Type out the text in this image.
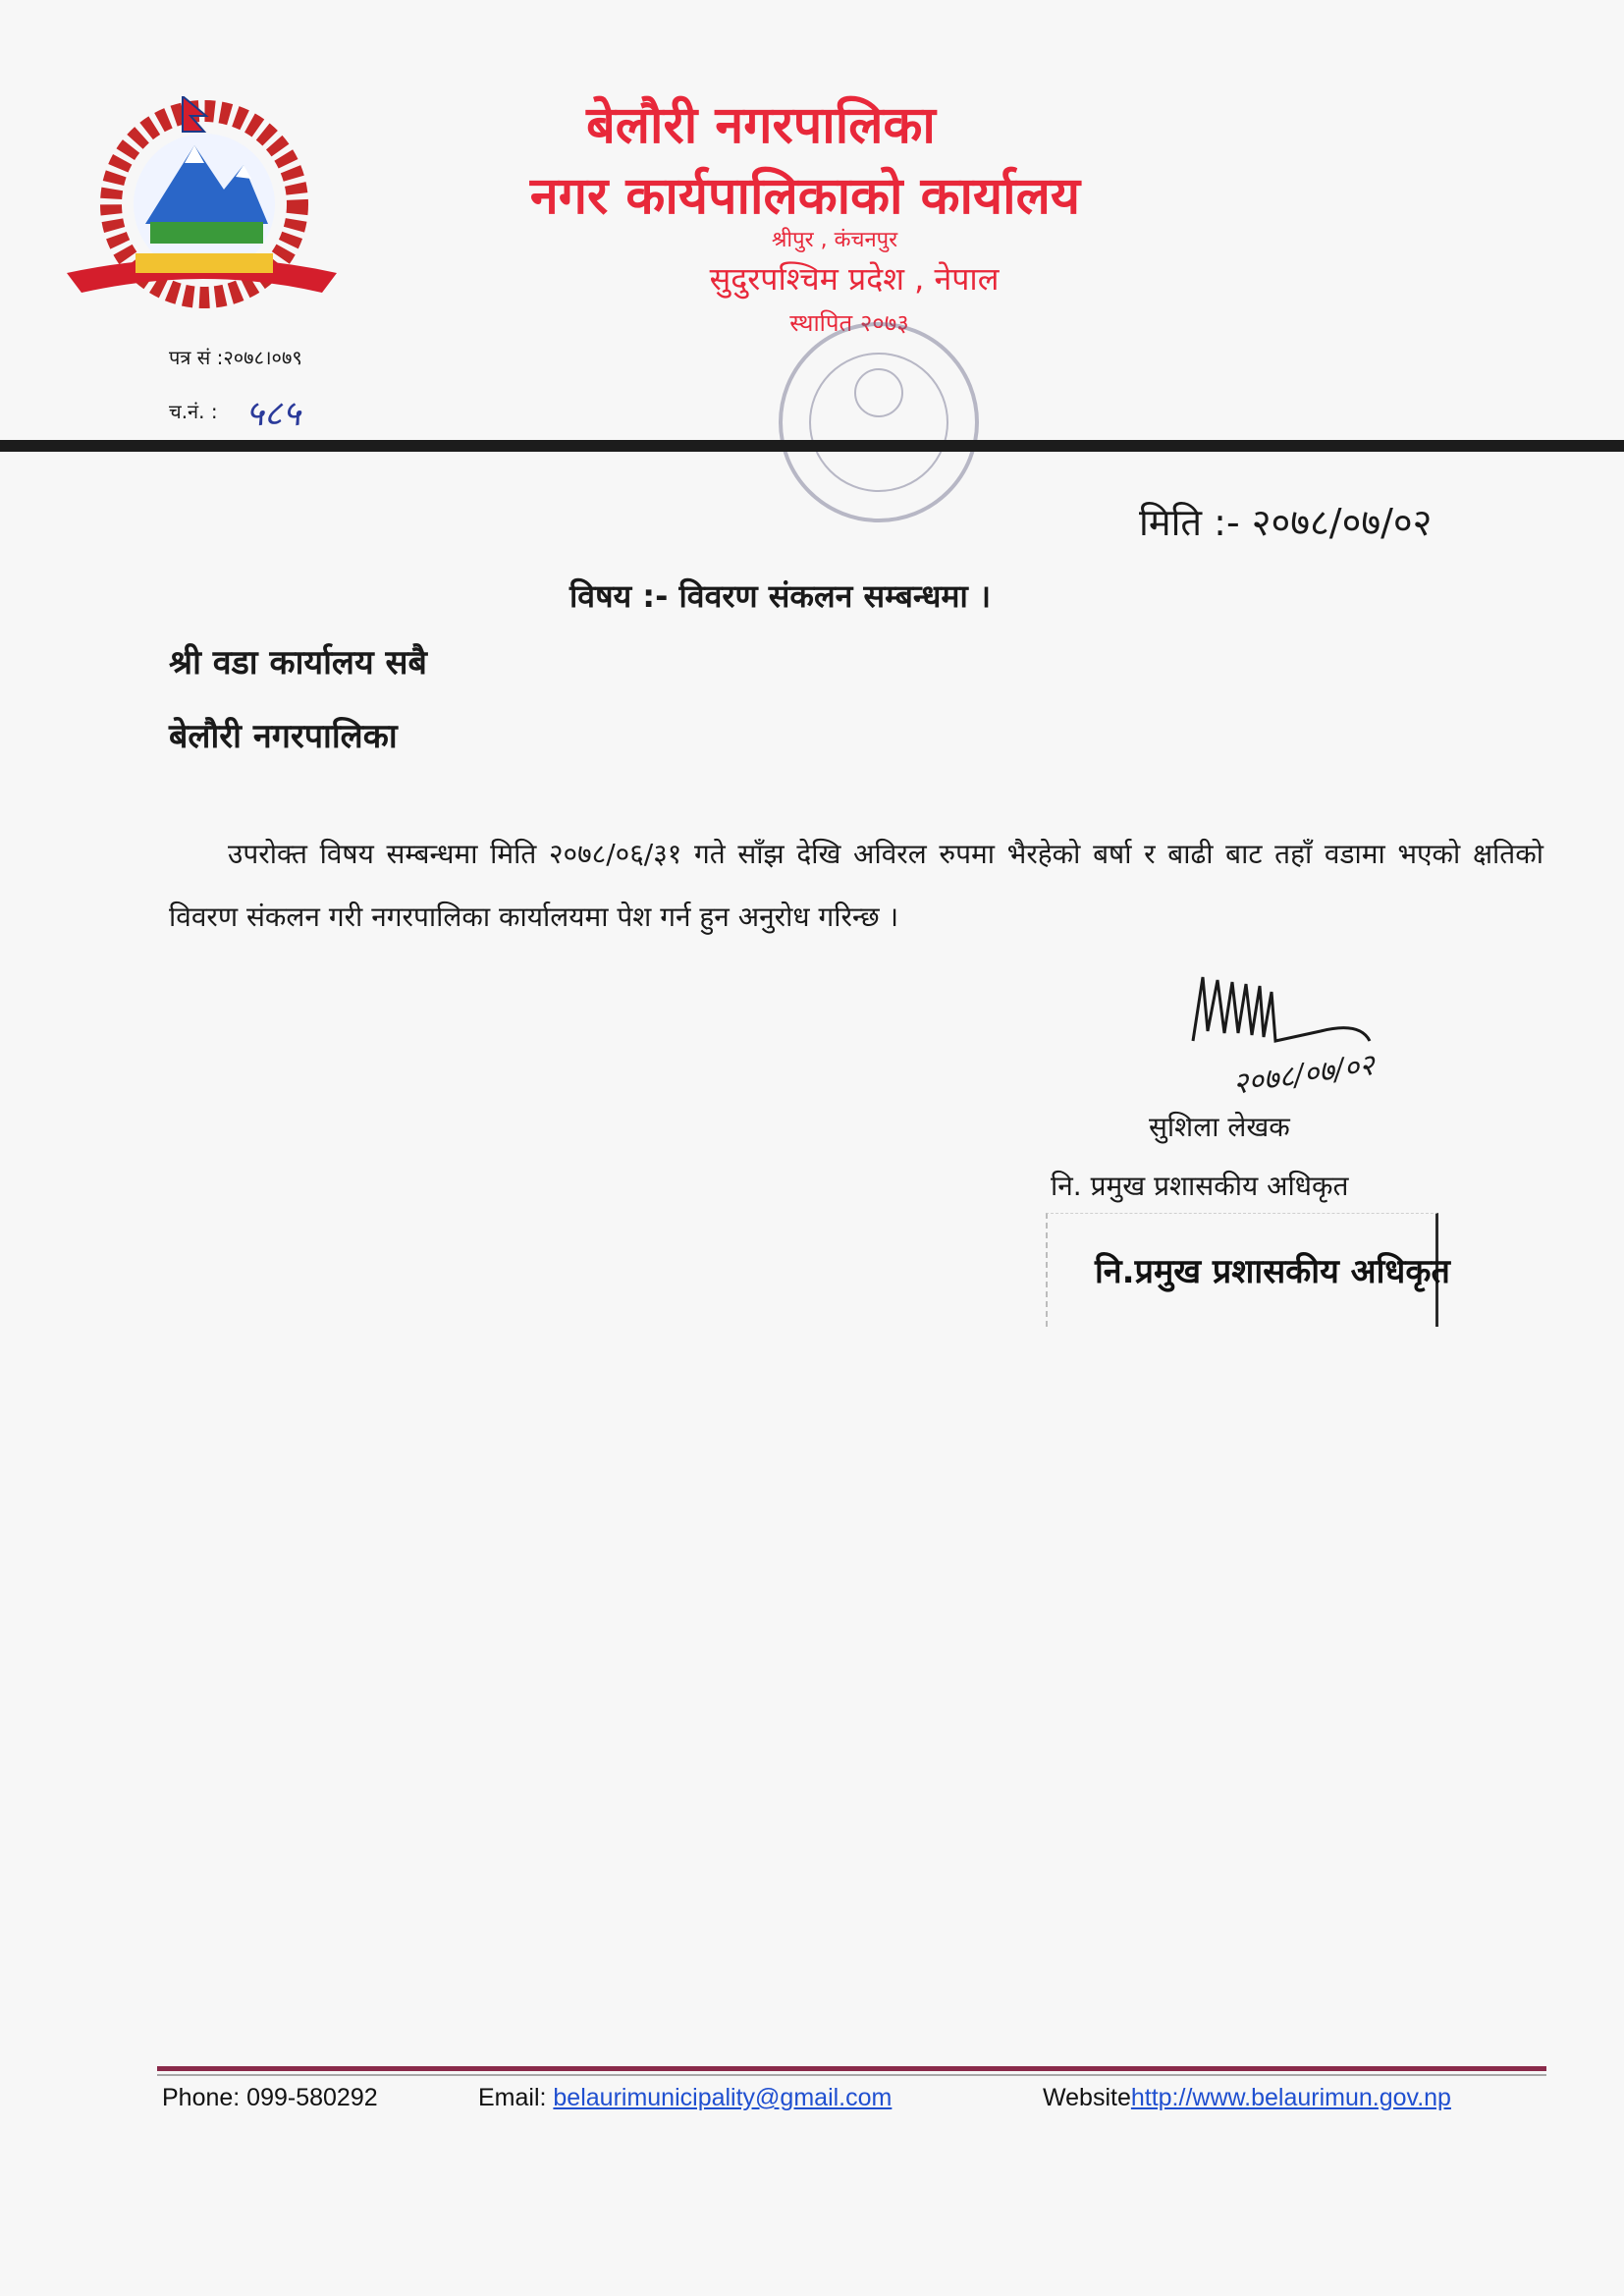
बेलौरी नगरपालिका
नगर कार्यपालिकाको कार्यालय
श्रीपुर , कंचनपुर
सुदुरपश्चिम प्रदेश , नेपाल
स्थापित २०७३
पत्र सं :२०७८।०७९
च.नं. : ५८५
मिति :- २०७८/०७/०२
विषय :- विवरण संकलन सम्बन्धमा ।
श्री वडा कार्यालय सबै
बेलौरी नगरपालिका
उपरोक्त विषय सम्बन्धमा मिति २०७८/०६/३१ गते साँझ देखि अविरल रुपमा भैरहेको बर्षा र बाढी बाट तहाँ वडामा भएको क्षतिको विवरण संकलन गरी नगरपालिका कार्यालयमा पेश गर्न हुन अनुरोध गरिन्छ ।
२०७८/०७/०२
सुशिला लेखक
नि. प्रमुख प्रशासकीय अधिकृत
नि.प्रमुख प्रशासकीय अधिकृत
Phone: 099-580292	Email: belaurimunicipality@gmail.com	Websitehttp://www.belaurimun.gov.np
